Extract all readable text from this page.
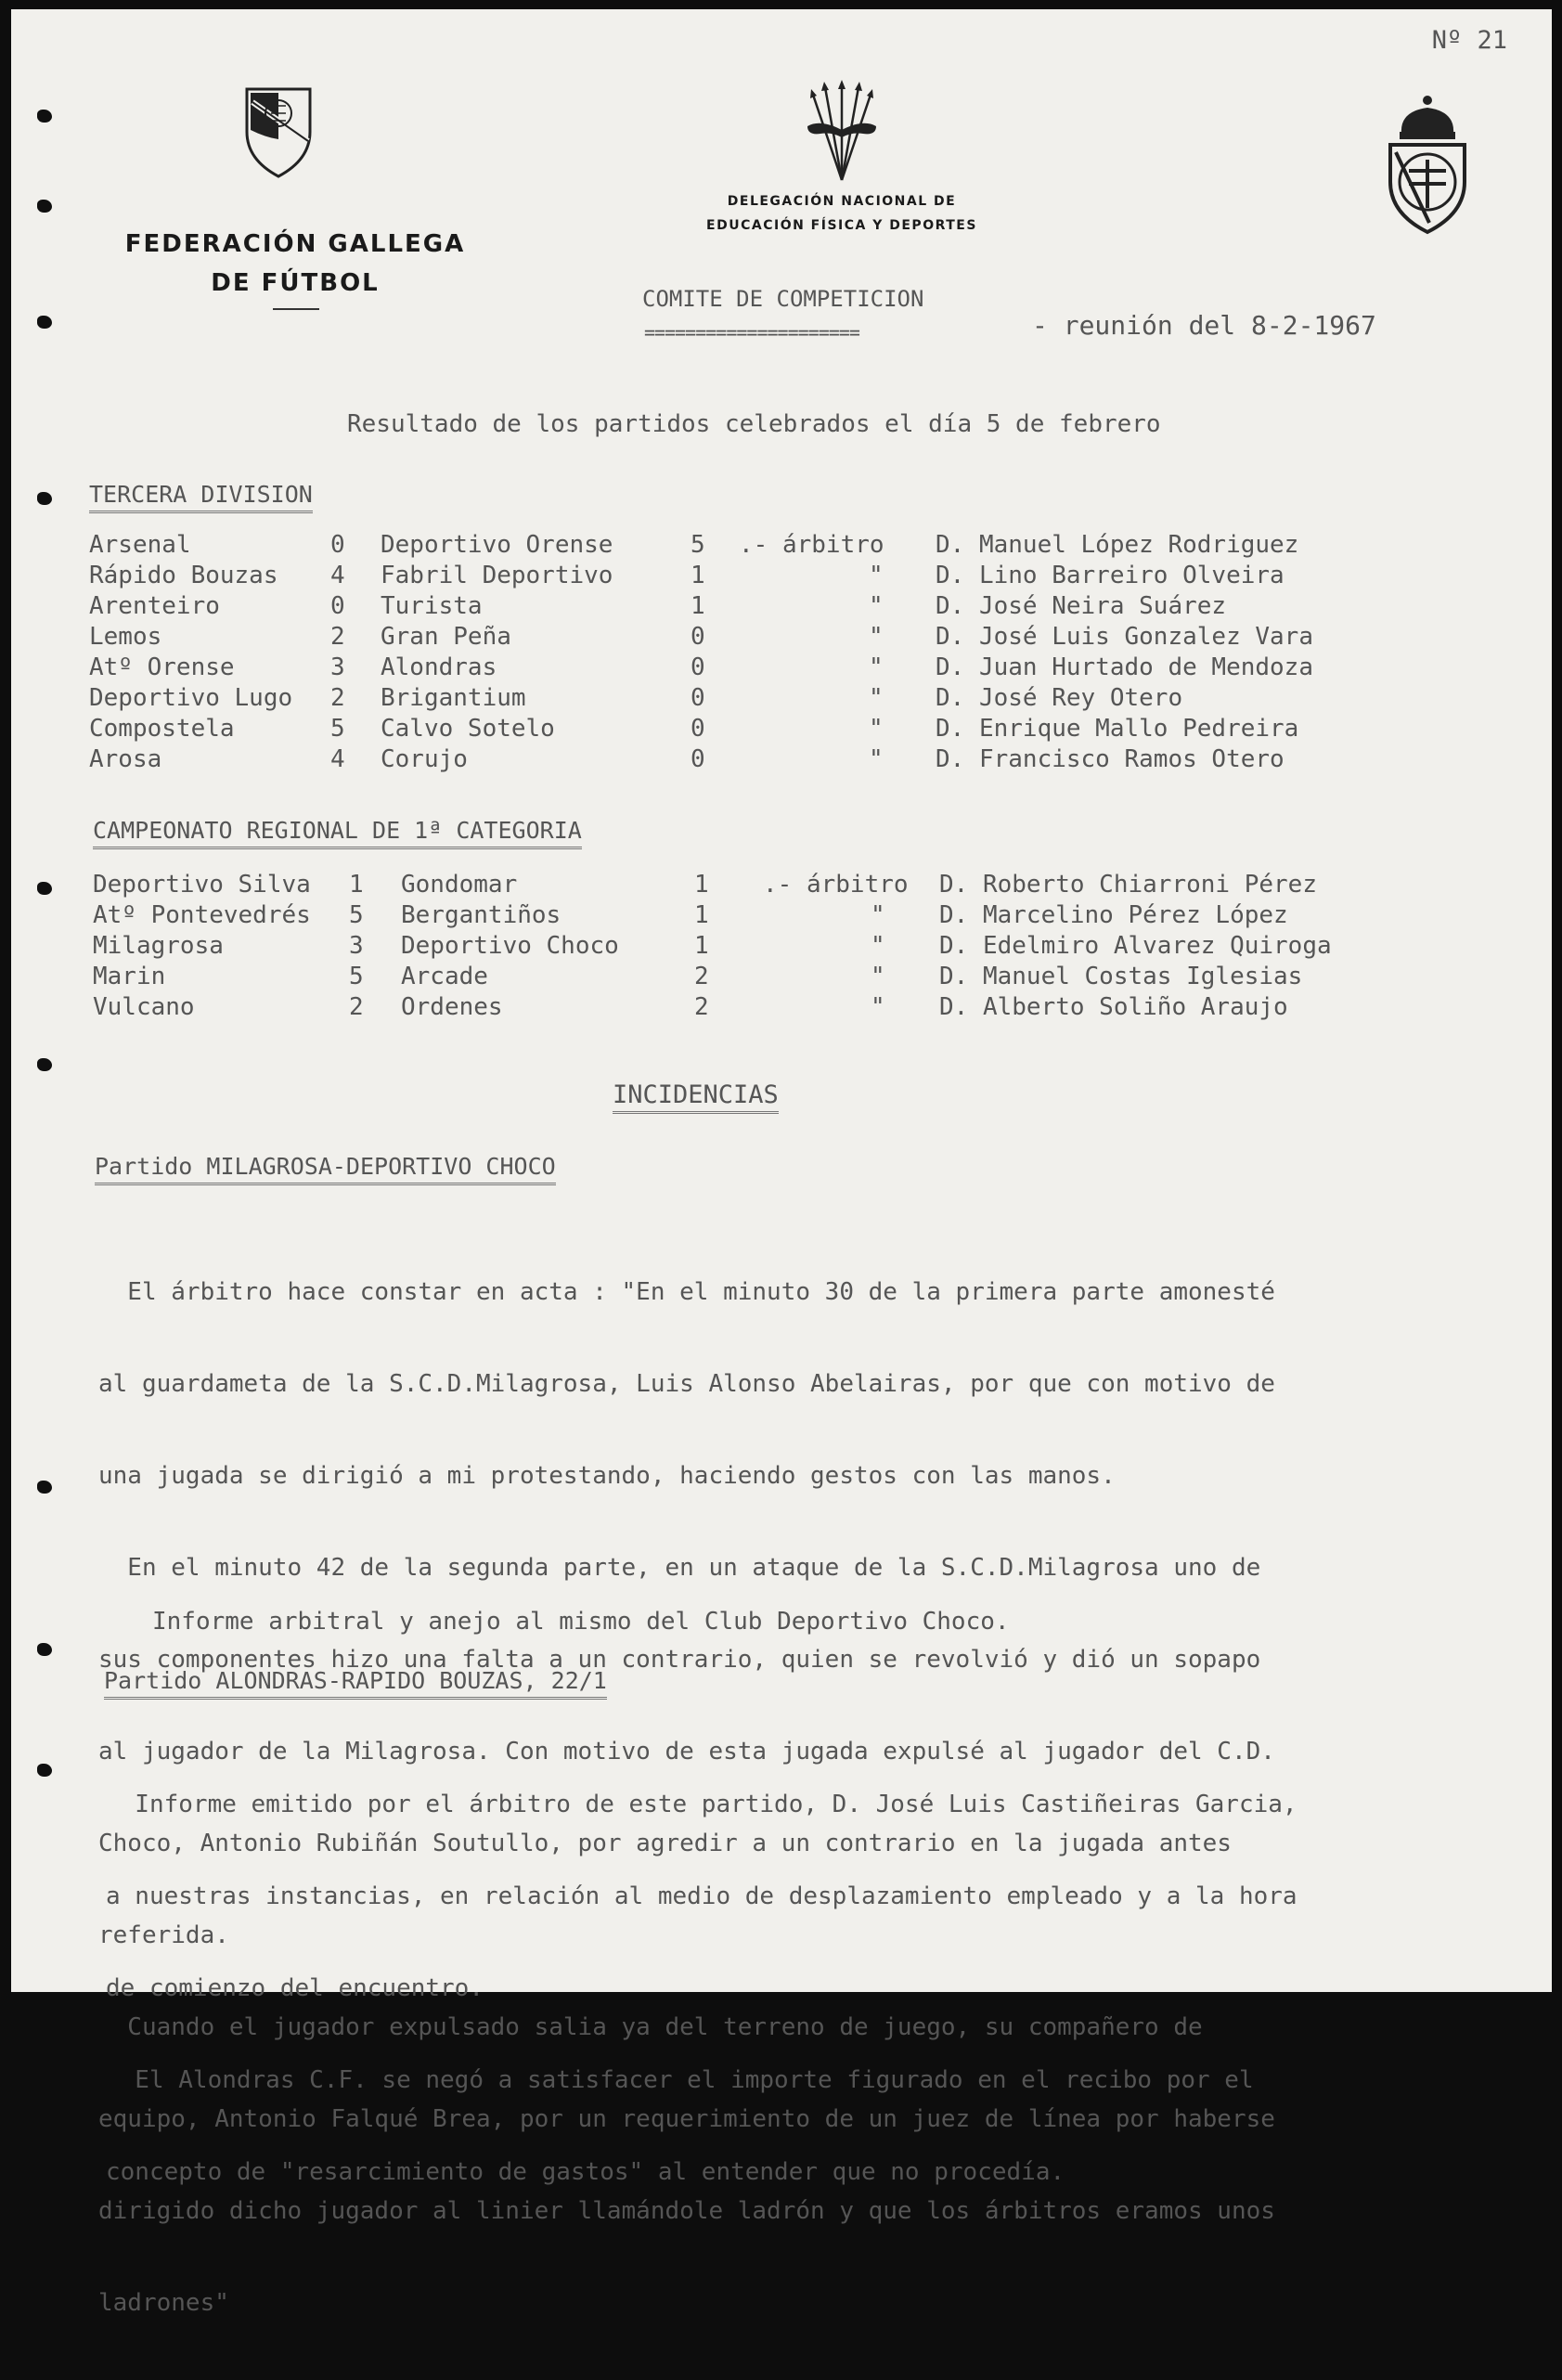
Nº 21
FEDERACIÓN GALLEGA
DE FÚTBOL
DELEGACIÓN NACIONAL DE
EDUCACIÓN FÍSICA Y DEPORTES
COMITE DE COMPETICION
=====================	- reunión del 8-2-1967
Resultado de los partidos celebrados el día 5 de febrero
TERCERA DIVISION
Arsenal	0 Deportivo Orense	5 .- árbitro D. Manuel López Rodriguez
Rápido Bouzas 4 Fabril Deportivo	1	" D. Lino Barreiro Olveira
Arenteiro	0 Turista	1	" D. José Neira Suárez
Lemos	2 Gran Peña	0	" D. José Luis Gonzalez Vara
Atº Orense	3 Alondras	0	" D. Juan Hurtado de Mendoza
Deportivo Lugo 2 Brigantium	0	" D. José Rey Otero
Compostela	5 Calvo Sotelo	0	" D. Enrique Mallo Pedreira
Arosa	4 Corujo	0	" D. Francisco Ramos Otero
CAMPEONATO REGIONAL DE 1ª CATEGORIA
Deportivo Silva 1 Gondomar	1 .- árbitro D. Roberto Chiarroni Pérez
Atº Pontevedrés 5 Bergantiños	1	" D. Marcelino Pérez López
Milagrosa	3 Deportivo Choco	1	" D. Edelmiro Alvarez Quiroga
Marin	5 Arcade	2	" D. Manuel Costas Iglesias
Vulcano	2 Ordenes	2	" D. Alberto Soliño Araujo
INCIDENCIAS
Partido MILAGROSA-DEPORTIVO CHOCO

El árbitro hace constar en acta : "En el minuto 30 de la primera parte amonesté

al guardameta de la S.C.D.Milagrosa, Luis Alonso Abelairas, por que con motivo de

una jugada se dirigió a mi protestando, haciendo gestos con las manos.

En el minuto 42 de la segunda parte, en un ataque de la S.C.D.Milagrosa uno de

sus componentes hizo una falta a un contrario, quien se revolvió y dió un sopapo

al jugador de la Milagrosa. Con motivo de esta jugada expulsé al jugador del C.D.

Choco, Antonio Rubiñán Soutullo, por agredir a un contrario en la jugada antes

referida.

Cuando el jugador expulsado salia ya del terreno de juego, su compañero de

equipo, Antonio Falqué Brea, por un requerimiento de un juez de línea por haberse

dirigido dicho jugador al linier llamándole ladrón y que los árbitros eramos unos

ladrones"

Informe arbitral y anejo al mismo del Club Deportivo Choco.
Partido ALONDRAS-RAPIDO BOUZAS, 22/1

Informe emitido por el árbitro de este partido, D. José Luis Castiñeiras Garcia,

a nuestras instancias, en relación al medio de desplazamiento empleado y a la hora

de comienzo del encuentro.

El Alondras C.F. se negó a satisfacer el importe figurado en el recibo por el

concepto de "resarcimiento de gastos" al entender que no procedía.
